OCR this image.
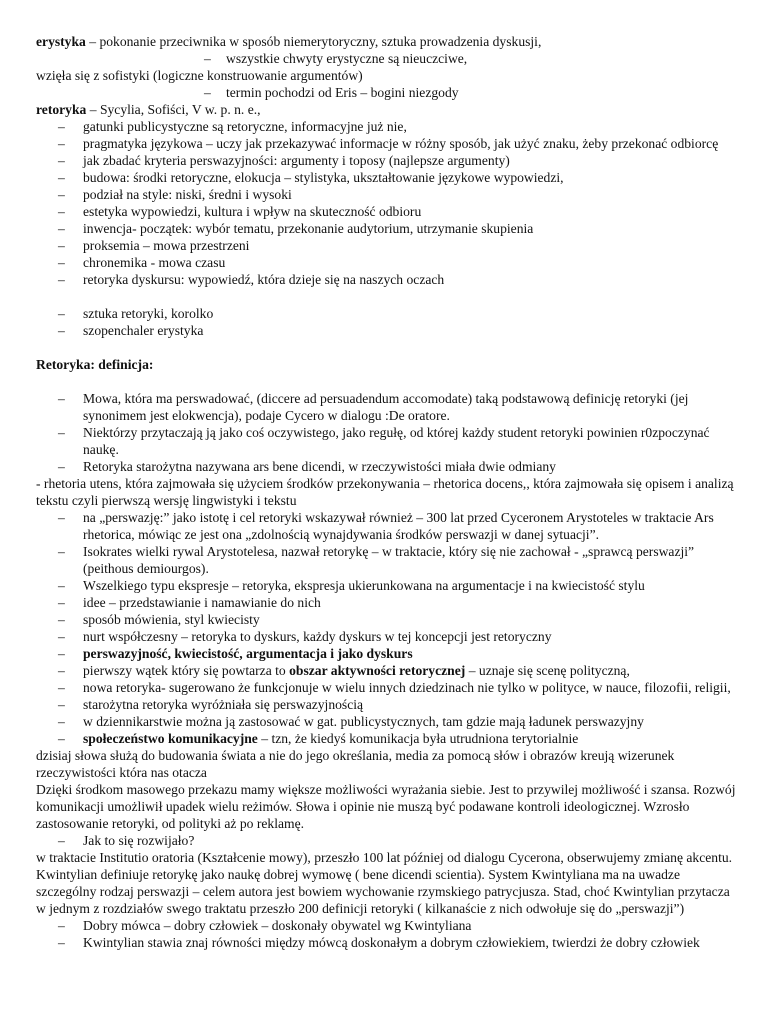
erystyka – pokonanie przeciwnika w sposób niemerytoryczny, sztuka prowadzenia dyskusji,
– wszystkie chwyty erystyczne są nieuczciwe,
wzięła się z sofistyki (logiczne konstruowanie argumentów)
– termin pochodzi od Eris – bogini niezgody
retoryka – Sycylia, Sofiści, V w. p. n. e.,
– gatunki publicystyczne są retoryczne, informacyjne już nie,
– pragmatyka językowa – uczy jak przekazywać informacje w różny sposób, jak użyć znaku, żeby przekonać odbiorcę
– jak zbadać kryteria perswazyjności: argumenty i toposy (najlepsze argumenty)
– budowa: środki retoryczne, elokucja – stylistyka, ukształtowanie językowe wypowiedzi,
– podział na style: niski, średni i wysoki
– estetyka wypowiedzi, kultura i wpływ na skuteczność odbioru
– inwencja- początek: wybór tematu, przekonanie audytorium, utrzymanie skupienia
– proksemia – mowa przestrzeni
– chronemika - mowa czasu
– retoryka dyskursu: wypowiedź, która dzieje się na naszych oczach
– sztuka retoryki, korolko
– szopenchaler erystyka
Retoryka: definicja:
– Mowa, która ma perswadować, (diccere ad persuadendum accomodate) taką podstawową definicję retoryki (jej synonimem jest elokwencja), podaje Cycero w dialogu :De oratore.
– Niektórzy przytaczają ją jako coś oczywistego, jako regułę, od której każdy student retoryki powinien r0zpoczynać naukę.
– Retoryka starożytna nazywana ars bene dicendi, w rzeczywistości miała dwie odmiany
- rhetoria utens, która zajmowała się użyciem środków przekonywania – rhetorica docens,, która zajmowała się opisem i analizą tekstu czyli pierwszą wersję lingwistyki i tekstu
– na „perswazję:” jako istotę i cel retoryki wskazywał również – 300 lat przed Cyceronem Arystoteles w traktacie Ars rhetorica, mówiąc ze jest ona „zdolnością wynajdywania środków perswazji w danej sytuacji”.
– Isokrates wielki rywal Arystotelesa, nazwał retorykę – w traktacie, który się nie zachował - „sprawcą perswazji” (peithous demiourgos).
– Wszelkiego typu ekspresje – retoryka, ekspresja ukierunkowana na argumentacje i na kwiecistość stylu
– idee – przedstawianie i namawianie do nich
– sposób mówienia, styl kwiecisty
– nurt współczesny – retoryka to dyskurs, każdy dyskurs w tej koncepcji jest retoryczny
– perswazyjność, kwiecistość, argumentacja i jako dyskurs
– pierwszy wątek który się powtarza to obszar aktywności retorycznej – uznaje się scenę polityczną,
– nowa retoryka- sugerowano że funkcjonuje w wielu innych dziedzinach nie tylko w polityce, w nauce, filozofii, religii,
– starożytna retoryka wyróżniała się perswazyjnością
– w dziennikarstwie można ją zastosować w gat. publicystycznych, tam gdzie mają ładunek perswazyjny
– społeczeństwo komunikacyjne – tzn, że kiedyś komunikacja była utrudniona terytorialnie
dzisiaj słowa służą do budowania świata a nie do jego określania, media za pomocą słów i obrazów kreują wizerunek rzeczywistości która nas otacza
Dzięki środkom masowego przekazu mamy większe możliwości wyrażania siebie. Jest to przywilej możliwość i szansa. Rozwój komunikacji umożliwił upadek wielu reżimów. Słowa i opinie nie muszą być podawane kontroli ideologicznej. Wzrosło zastosowanie retoryki, od polityki aż po reklamę.
– Jak to się rozwijało?
w traktacie Institutio oratoria (Kształcenie mowy), przeszło 100 lat później od dialogu Cycerona, obserwujemy zmianę akcentu. Kwintylian definiuje retorykę jako naukę dobrej wymowę ( bene dicendi scientia). System Kwintyliana ma na uwadze szczególny rodzaj perswazji – celem autora jest bowiem wychowanie rzymskiego patrycjusza. Stad, choć Kwintylian przytacza w jednym z rozdziałów swego traktatu przeszło 200 definicji retoryki ( kilkanaście z nich odwołuje się do „perswazji”)
– Dobry mówca – dobry człowiek – doskonały obywatel wg Kwintyliana
– Kwintylian stawia znaj równości między mówcą doskonałym a dobrym człowiekiem, twierdzi że dobry człowiek
